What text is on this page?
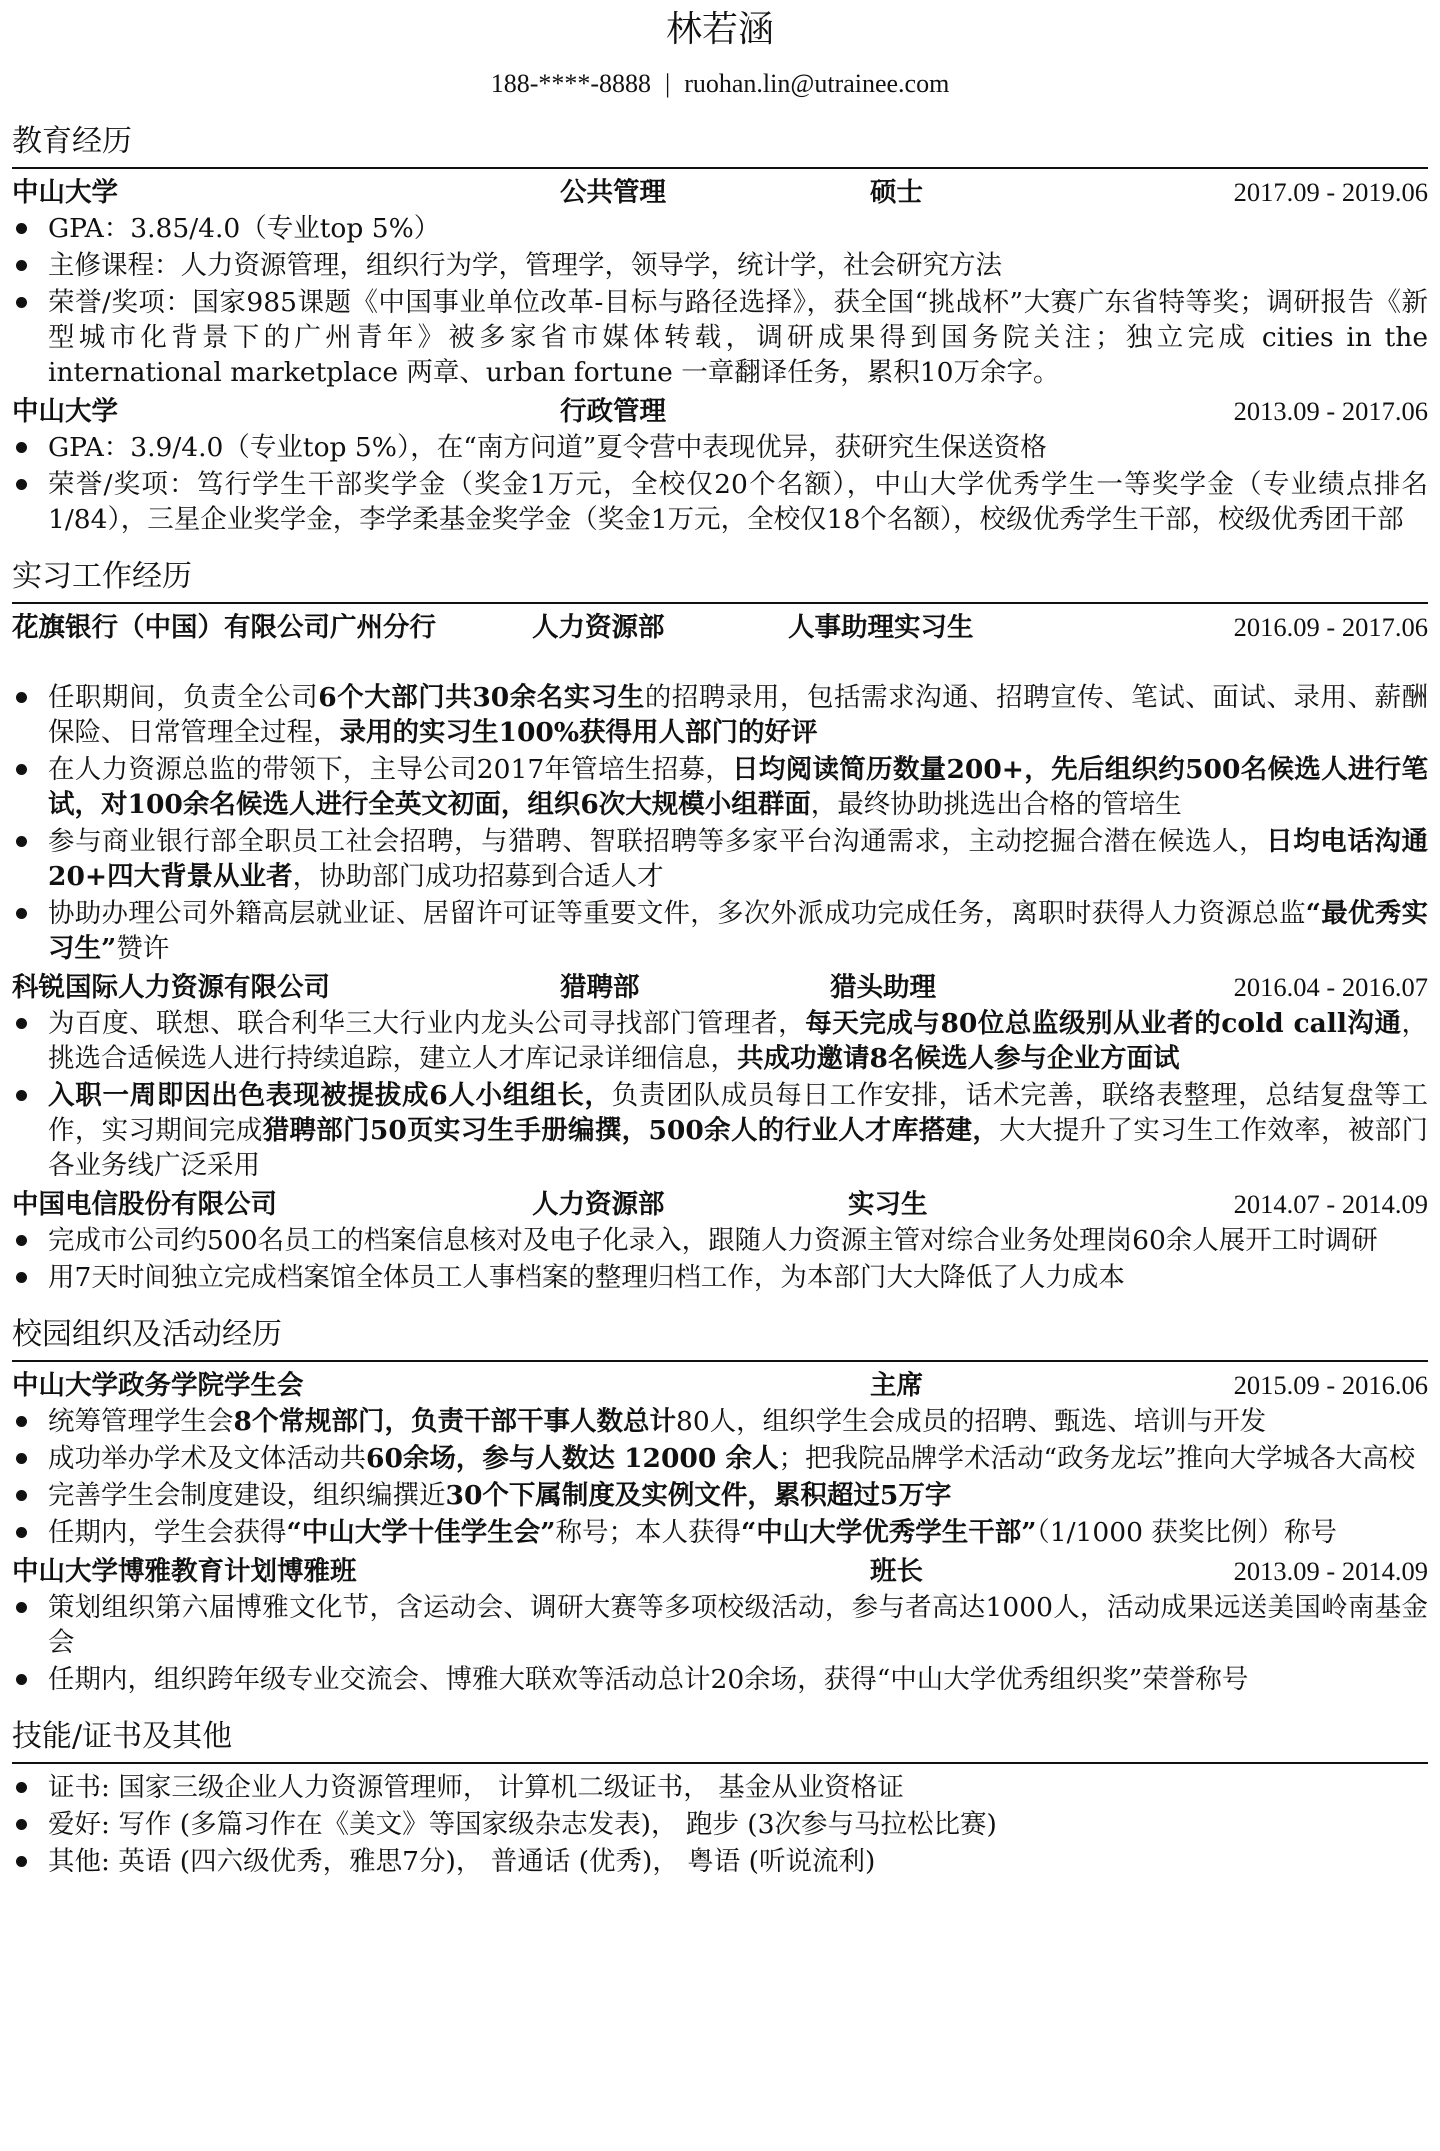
林若涵
188-****-8888 | ruohan.lin@utrainee.com
教育经历
中山大学	公共管理	硕士	2017.09 - 2019.06
GPA：3.85/4.0（专业top 5%）
主修课程：人力资源管理，组织行为学，管理学，领导学，统计学，社会研究方法
荣誉/奖项：国家985课题《中国事业单位改革-目标与路径选择》，获全国“挑战杯”大赛广东省特等奖；调研报告《新型城市化背景下的广州青年》被多家省市媒体转载，调研成果得到国务院关注；独立完成 cities in the international marketplace 两章、urban fortune 一章翻译任务，累积10万余字。
中山大学	行政管理	2013.09 - 2017.06
GPA：3.9/4.0（专业top 5%），在“南方问道”夏令营中表现优异，获研究生保送资格
荣誉/奖项：笃行学生干部奖学金（奖金1万元，全校仅20个名额），中山大学优秀学生一等奖学金（专业绩点排名1/84），三星企业奖学金，李学柔基金奖学金（奖金1万元，全校仅18个名额），校级优秀学生干部，校级优秀团干部
实习工作经历
花旗银行（中国）有限公司广州分行	人力资源部	人事助理实习生	2016.09 - 2017.06
任职期间，负责全公司6个大部门共30余名实习生的招聘录用，包括需求沟通、招聘宣传、笔试、面试、录用、薪酬保险、日常管理全过程，录用的实习生100%获得用人部门的好评
在人力资源总监的带领下，主导公司2017年管培生招募，日均阅读简历数量200+，先后组织约500名候选人进行笔试，对100余名候选人进行全英文初面，组织6次大规模小组群面，最终协助挑选出合格的管培生
参与商业银行部全职员工社会招聘，与猎聘、智联招聘等多家平台沟通需求，主动挖掘合潜在候选人，日均电话沟通20+四大背景从业者，协助部门成功招募到合适人才
协助办理公司外籍高层就业证、居留许可证等重要文件，多次外派成功完成任务，离职时获得人力资源总监“最优秀实习生”赞许
科锐国际人力资源有限公司	猎聘部	猎头助理	2016.04 - 2016.07
为百度、联想、联合利华三大行业内龙头公司寻找部门管理者，每天完成与80位总监级别从业者的cold call沟通，挑选合适候选人进行持续追踪，建立人才库记录详细信息，共成功邀请8名候选人参与企业方面试
入职一周即因出色表现被提拔成6人小组组长，负责团队成员每日工作安排，话术完善，联络表整理，总结复盘等工作，实习期间完成猎聘部门50页实习生手册编撰，500余人的行业人才库搭建，大大提升了实习生工作效率，被部门各业务线广泛采用
中国电信股份有限公司	人力资源部	实习生	2014.07 - 2014.09
完成市公司约500名员工的档案信息核对及电子化录入，跟随人力资源主管对综合业务处理岗60余人展开工时调研
用7天时间独立完成档案馆全体员工人事档案的整理归档工作，为本部门大大降低了人力成本
校园组织及活动经历
中山大学政务学院学生会	主席	2015.09 - 2016.06
统筹管理学生会8个常规部门，负责干部干事人数总计80人，组织学生会成员的招聘、甄选、培训与开发
成功举办学术及文体活动共60余场，参与人数达 12000 余人；把我院品牌学术活动“政务龙坛”推向大学城各大高校
完善学生会制度建设，组织编撰近30个下属制度及实例文件，累积超过5万字
任期内，学生会获得“中山大学十佳学生会”称号；本人获得“中山大学优秀学生干部”（1/1000 获奖比例）称号
中山大学博雅教育计划博雅班	班长	2013.09 - 2014.09
策划组织第六届博雅文化节，含运动会、调研大赛等多项校级活动，参与者高达1000人，活动成果远送美国岭南基金会
任期内，组织跨年级专业交流会、博雅大联欢等活动总计20余场，获得“中山大学优秀组织奖”荣誉称号
技能/证书及其他
证书: 国家三级企业人力资源管理师， 计算机二级证书， 基金从业资格证
爱好: 写作 (多篇习作在《美文》等国家级杂志发表)， 跑步 (3次参与马拉松比赛)
其他: 英语 (四六级优秀，雅思7分)， 普通话 (优秀)， 粤语 (听说流利)
